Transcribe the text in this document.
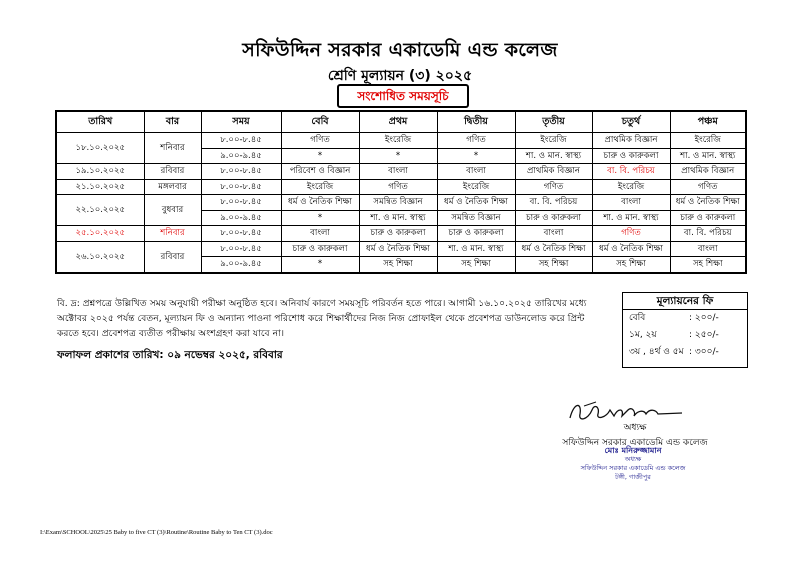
সফিউদ্দিন সরকার একাডেমি এন্ড কলেজ
শ্রেণি মূল্যায়ন (৩) ২০২৫
সংশোধিত সময়সূচি
তারিখ	বার	সময়	বেবি	প্রথম	দ্বিতীয়	তৃতীয়	চতুর্থ	পঞ্চম
১৮.১০.২০২৫	শনিবার	৮.০০-৮.৪৫	গণিত	ইংরেজি	গণিত	ইংরেজি	প্রাথমিক বিজ্ঞান	ইংরেজি
		৯.০০-৯.৪৫	*	*	*	শা. ও মান. স্বাস্থ্য	চারু ও কারুকলা	শা. ও মান. স্বাস্থ্য
১৯.১০.২০২৫	রবিবার	৮.০০-৮.৪৫	পরিবেশ ও বিজ্ঞান	বাংলা	বাংলা	প্রাথমিক বিজ্ঞান	বা. বি. পরিচয়	প্রাথমিক বিজ্ঞান
২১.১০.২০২৫	মঙ্গলবার	৮.০০-৮.৪৫	ইংরেজি	গণিত	ইংরেজি	গণিত	ইংরেজি	গণিত
২২.১০.২০২৫	বুধবার	৮.০০-৮.৪৫	ধর্ম ও নৈতিক শিক্ষা	সমন্বিত বিজ্ঞান	ধর্ম ও নৈতিক শিক্ষা	বা. বি. পরিচয়	বাংলা	ধর্ম ও নৈতিক শিক্ষা
		৯.০০-৯.৪৫	*	শা. ও মান. স্বাস্থ্য	সমন্বিত বিজ্ঞান	চারু ও কারুকলা	শা. ও মান. স্বাস্থ্য	চারু ও কারুকলা
২৫.১০.২০২৫	শনিবার	৮.০০-৮.৪৫	বাংলা	চারু ও কারুকলা	চারু ও কারুকলা	বাংলা	গণিত	বা. বি. পরিচয়
২৬.১০.২০২৫	রবিবার	৮.০০-৮.৪৫	চারু ও কারুকলা	ধর্ম ও নৈতিক শিক্ষা	শা. ও মান. স্বাস্থ্য	ধর্ম ও নৈতিক শিক্ষা	ধর্ম ও নৈতিক শিক্ষা	বাংলা
		৯.০০-৯.৪৫	*	সহ শিক্ষা	সহ শিক্ষা	সহ শিক্ষা	সহ শিক্ষা	সহ শিক্ষা
বি. দ্র: প্রশ্নপত্রে উল্লিখিত সময় অনুযায়ী পরীক্ষা অনুষ্ঠিত হবে। অনিবার্য কারণে সময়সূচি পরিবর্তন হতে পারে। আগামী ১৬.১০.২০২৫ তারিখের মধ্যে অক্টোবর ২০২৫ পর্যন্ত বেতন, মূল্যায়ন ফি ও অন্যান্য পাওনা পরিশোধ করে শিক্ষার্থীদের নিজ নিজ প্রোফাইল থেকে প্রবেশপত্র ডাউনলোড করে প্রিন্ট করতে হবে। প্রবেশপত্র ব্যতীত পরীক্ষায় অংশগ্রহণ করা যাবে না।
ফলাফল প্রকাশের তারিখ: ০৯ নভেম্বর ২০২৫, রবিবার
মূল্যায়নের ফি
বেবি	: ২০০/-
১ম, ২য়	: ২৫০/-
৩য় , ৪র্থ ও ৫ম : ৩০০/-
অধ্যক্ষ
সফিউদ্দিন সরকার একাডেমি এন্ড কলেজ
মোঃ মনিরুজ্জামান
অধ্যক্ষ
সফিউদ্দিন সরকার একাডেমি এন্ড কলেজ
টঙ্গী, গাজীপুর
I:\Exam\SCHOOL\2025\25 Baby to five CT (3)\Routine\Routine Baby to Ten CT (3).doc
